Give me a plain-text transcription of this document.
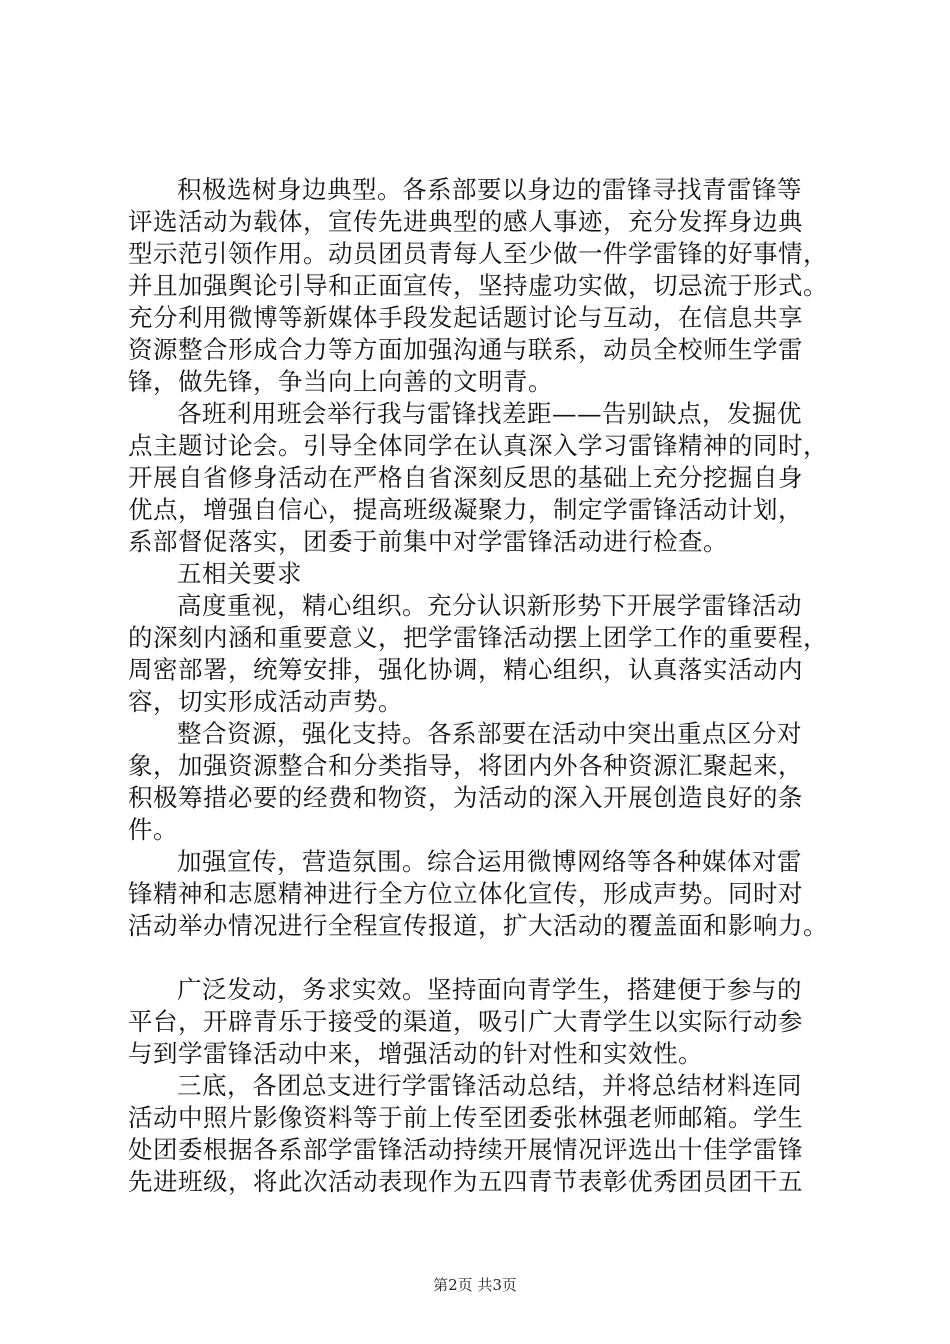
积极选树身边典型。各系部要以身边的雷锋寻找青雷锋等
评选活动为载体，宣传先进典型的感人事迹，充分发挥身边典
型示范引领作用。动员团员青每人至少做一件学雷锋的好事情，
并且加强舆论引导和正面宣传，坚持虚功实做，切忌流于形式。
充分利用微博等新媒体手段发起话题讨论与互动，在信息共享
资源整合形成合力等方面加强沟通与联系，动员全校师生学雷
锋，做先锋，争当向上向善的文明青。
各班利用班会举行我与雷锋找差距——告别缺点，发掘优
点主题讨论会。引导全体同学在认真深入学习雷锋精神的同时，
开展自省修身活动在严格自省深刻反思的基础上充分挖掘自身
优点，增强自信心，提高班级凝聚力，制定学雷锋活动计划，
系部督促落实，团委于前集中对学雷锋活动进行检查。
五相关要求
高度重视，精心组织。充分认识新形势下开展学雷锋活动
的深刻内涵和重要意义，把学雷锋活动摆上团学工作的重要程，
周密部署，统筹安排，强化协调，精心组织，认真落实活动内
容，切实形成活动声势。
整合资源，强化支持。各系部要在活动中突出重点区分对
象，加强资源整合和分类指导，将团内外各种资源汇聚起来，
积极筹措必要的经费和物资，为活动的深入开展创造良好的条
件。
加强宣传，营造氛围。综合运用微博网络等各种媒体对雷
锋精神和志愿精神进行全方位立体化宣传，形成声势。同时对
活动举办情况进行全程宣传报道，扩大活动的覆盖面和影响力。
广泛发动，务求实效。坚持面向青学生，搭建便于参与的
平台，开辟青乐于接受的渠道，吸引广大青学生以实际行动参
与到学雷锋活动中来，增强活动的针对性和实效性。
三底，各团总支进行学雷锋活动总结，并将总结材料连同
活动中照片影像资料等于前上传至团委张林强老师邮箱。学生
处团委根据各系部学雷锋活动持续开展情况评选出十佳学雷锋
先进班级，将此次活动表现作为五四青节表彰优秀团员团干五
第2页 共3页
